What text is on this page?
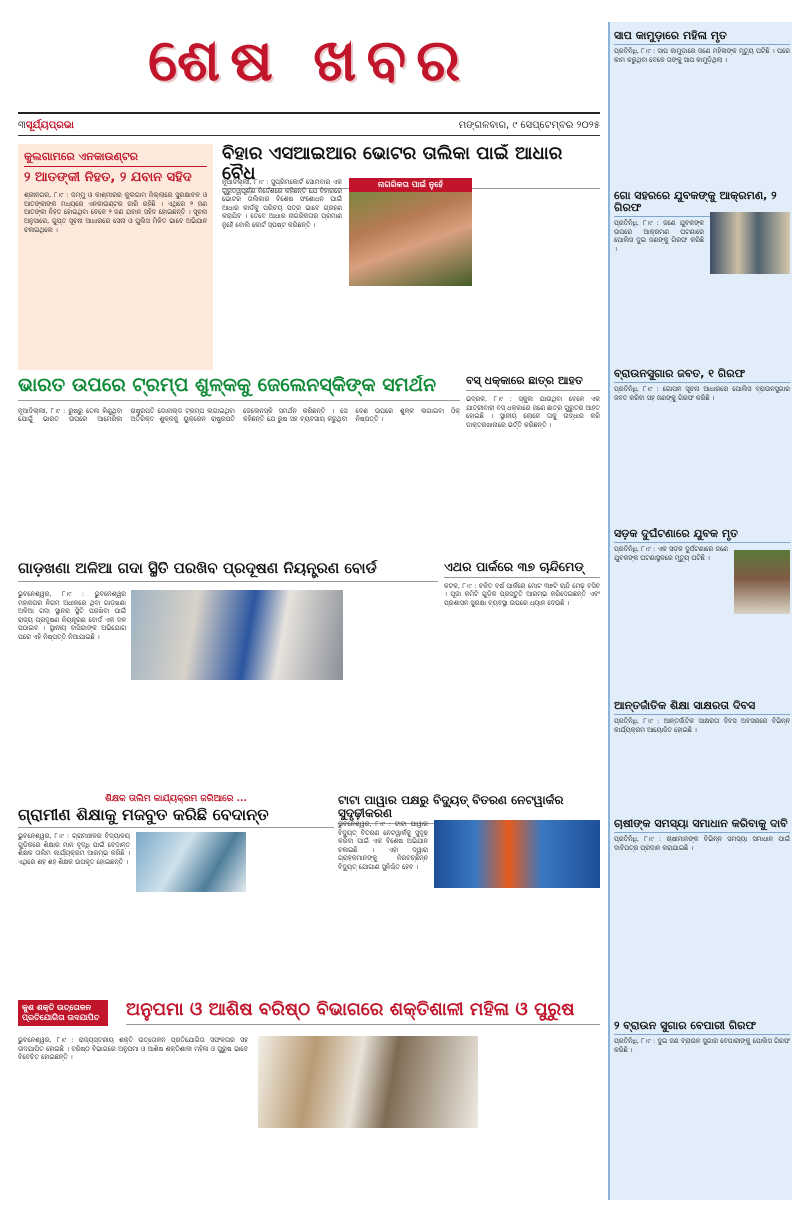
ଶେଷ ଖବର
୩ ସୂର୍ଯ୍ୟପ୍ରଭା	ମଙ୍ଗଳବାର, ୯ ସେପ୍ଟେମ୍ବର ୨୦୨୫
କୁଲଗାମରେ ଏନକାଉଣ୍ଟର
୨ ଆତଙ୍କୀ ନିହତ, ୨ ଯବାନ ସହିଦ
ଶ୍ରୀନଗର, ୮।୯ : ଜମ୍ମୁ ଓ କାଶ୍ମୀରର କୁଲଗାମ ଜିଲ୍ଲାରେ ସୁରକ୍ଷାବଳ ଓ ଆତଙ୍କୀଙ୍କ ମଧ୍ୟରେ ଏନକାଉଣ୍ଟର ଜାରି ରହିଛି । ଏଥିରେ ୨ ଜଣ ଆତଙ୍କୀ ନିହତ ହୋଇଥିବା ବେଳେ ୨ ଜଣ ଯବାନ ସହିଦ ହୋଇଛନ୍ତି । ସୂଚନା ଅନୁସାରେ, ଗୁପ୍ତ ସୂଚନା ଆଧାରରେ ସେନା ଓ ପୁଲିସ ମିଳିତ ଭାବେ ଅଭିଯାନ ଚଳାଇଥିଲେ ।
ବିହାର ଏସଆଇଆର ଭୋଟର ତାଲିକା ପାଇଁ ଆଧାର ବୈଧ
ନୂଆଦିଲ୍ଲୀ, ୮।୯ : ସୁପ୍ରିମକୋର୍ଟ ସୋମବାର ଏକ ଗୁରୁତ୍ୱପୂର୍ଣ୍ଣ ନିର୍ଦ୍ଦେଶରେ କହିଛନ୍ତି ଯେ ବିହାରରେ ଭୋଟର ତାଲିକାର ବିଶେଷ ସଂଶୋଧନ ପାଇଁ ଆଧାର କାର୍ଡକୁ ପରିଚୟ ପତ୍ର ଭାବେ ଗ୍ରହଣ କରାଯିବ । ତେବେ ଆଧାର ନାଗରିକତାର ପ୍ରମାଣ ନୁହେଁ ବୋଲି କୋର୍ଟ ସ୍ପଷ୍ଟ କରିଛନ୍ତି ।
ନାଗରିକତା ପାଇଁ ନୁହେଁ
ଭାରତ ଉପରେ ଟ୍ରମ୍ପ ଶୁଳ୍କକୁ ଜେଲେନସ୍କିଙ୍କ ସମର୍ଥନ
ନୂଆଦିଲ୍ଲୀ, ୮।୯ : ରୁଷରୁ ତେଲ କିଣୁଥିବା ଯୋଗୁଁ ଭାରତ ଉପରେ ଆମେରିକା ରାଷ୍ଟ୍ରପତି ଡୋନାଲ୍ଡ ଟ୍ରମ୍ପ ଲଗାଇଥିବା ଅତିରିକ୍ତ ଶୁଳ୍କକୁ ୟୁକ୍ରେନ ରାଷ୍ଟ୍ରପତି ଜେଲେନସ୍କି ସମର୍ଥନ କରିଛନ୍ତି । ସେ କହିଛନ୍ତି ଯେ ରୁଷ ସହ ବ୍ୟବସାୟ କରୁଥିବା ଦେଶ ଉପରେ ଶୁଳ୍କ ଲଗାଇବା ଠିକ୍ ନିଷ୍ପତ୍ତି ।
ବସ୍ ଧକ୍କାରେ ଛାତ୍ର ଆହତ
ଭଦ୍ରକ, ୮।୯ : ସ୍କୁଲ ଯାଉଥିବା ବେଳେ ଏକ ଯାତ୍ରୀବାହୀ ବସ୍ ଧକ୍କାରେ ଜଣେ ଛାତ୍ର ଗୁରୁତର ଆହତ ହୋଇଛି । ସ୍ଥାନୀୟ ଲୋକେ ତାକୁ ଉଦ୍ଧାର କରି ଡାକ୍ତରଖାନାରେ ଭର୍ତ୍ତି କରିଛନ୍ତି ।
ଗାଡ଼ଖଣା ଅଳିଆ ଗଦା ସ୍ଥିତି ପରଖିବ ପ୍ରଦୂଷଣ ନିୟନ୍ତ୍ରଣ ବୋର୍ଡ
ଭୁବନେଶ୍ୱର, ୮।୯ : ଭୁବନେଶ୍ୱର ମହାନଗର ନିଗମ ଅଧୀନରେ ଥିବା ଗାଡ଼ଖଣା ଅଳିଆ ଗଦା ସ୍ଥାନର ସ୍ଥିତି ପରଖିବା ପାଇଁ ରାଜ୍ୟ ପ୍ରଦୂଷଣ ନିୟନ୍ତ୍ରଣ ବୋର୍ଡ ଏକ ଦଳ ପଠାଇବ । ସ୍ଥାନୀୟ ବାସିନ୍ଦାଙ୍କ ଅଭିଯୋଗ ପରେ ଏହି ନିଷ୍ପତ୍ତି ନିଆଯାଇଛି ।
ଏଥର ପାର୍କରେ ୩୭ ଚାନ୍ଦିମେଡ୍
କଟକ, ୮।୯ : ଚଳିତ ବର୍ଷ ପାର୍କରେ ମୋଟ ୩୭ଟି ଚାନ୍ଦି ମେଢ଼ ବସିବ । ପୂଜା କମିଟି ଗୁଡ଼ିକ ପ୍ରସ୍ତୁତି ଆରମ୍ଭ କରିଦେଇଛନ୍ତି ଏବଂ ପ୍ରଶାସନ ସୁରକ୍ଷା ବ୍ୟବସ୍ଥା ଉପରେ ଧ୍ୟାନ ଦେଉଛି ।
ଶିକ୍ଷକ ତାଲିମ କାର୍ଯ୍ୟକ୍ରମ ଜରିଆରେ ...
ଗ୍ରାମୀଣ ଶିକ୍ଷାକୁ ମଜବୁତ କରିଛି ବେଦାନ୍ତ
ଭୁବନେଶ୍ୱର, ୮।୯ : ଗ୍ରାମାଞ୍ଚଳର ବିଦ୍ୟାଳୟ ଗୁଡ଼ିକରେ ଶିକ୍ଷାର ମାନ ବୃଦ୍ଧି ପାଇଁ ବେଦାନ୍ତ ଶିକ୍ଷକ ତାଲିମ କାର୍ଯ୍ୟକ୍ରମ ଆରମ୍ଭ କରିଛି । ଏଥିରେ ଶହ ଶହ ଶିକ୍ଷକ ଉପକୃତ ହୋଇଛନ୍ତି ।
ଟାଟା ପାୱାର ପକ୍ଷରୁ ବିଦ୍ୟୁତ୍ ବିତରଣ ନେଟୱାର୍କର ସୁଦୃଢ଼ୀକରଣ
ଭୁବନେଶ୍ୱର, ୮।୯ : ଟାଟା ପାୱାର ବିଦ୍ୟୁତ୍ ବିତରଣ ନେଟୱାର୍କକୁ ସୁଦୃଢ଼ କରିବା ପାଇଁ ଏକ ବିଶେଷ ଅଭିଯାନ ଚଳାଇଛି । ଏହା ଦ୍ୱାରା ଗ୍ରାହକମାନଙ୍କୁ ନିରବଚ୍ଛିନ୍ନ ବିଦ୍ୟୁତ୍ ଯୋଗାଣ ସୁନିଶ୍ଚିତ ହେବ ।
କୁଶ ଶକ୍ତି ଉତ୍ତୋଳନ ପ୍ରତିଯୋଗିତା ଉଦଯାପିତ	ଅନୁପମା ଓ ଆଶିଷ ବରିଷ୍ଠ ବିଭାଗରେ ଶକ୍ତିଶାଳୀ ମହିଳା ଓ ପୁରୁଷ
ଭୁବନେଶ୍ୱର, ୮।୯ : ରାଜ୍ୟସ୍ତରୀୟ ଶକ୍ତି ଉତ୍ତୋଳନ ପ୍ରତିଯୋଗିତା ସଫଳତାର ସହ ଉଦଯାପିତ ହୋଇଛି । ବରିଷ୍ଠ ବିଭାଗରେ ଅନୁପମା ଓ ଆଶିଷ ଶକ୍ତିଶାଳୀ ମହିଳା ଓ ପୁରୁଷ ଭାବେ ବିବେଚିତ ହୋଇଛନ୍ତି ।
ସାପ କାମୁଡ଼ାରେ ମହିଳା ମୃତ
ପ୍ରତିନିଧି, ୮।୯ : ସାପ କାମୁଡ଼ାରେ ଜଣେ ମହିଳାଙ୍କ ମୃତ୍ୟୁ ଘଟିଛି । ଘରେ କାମ କରୁଥିବା ବେଳେ ତାଙ୍କୁ ସାପ କାମୁଡ଼ିଥିଲା ।
ଗୋ ସହରରେ ଯୁବକଙ୍କୁ ଆକ୍ରମଣ, ୨ ଗିରଫ
ପ୍ରତିନିଧି, ୮।୯ : ଜଣେ ଯୁବକଙ୍କ ଉପରେ ଆକ୍ରମଣ ଘଟଣାରେ ପୋଲିସ ଦୁଇ ଜଣଙ୍କୁ ଗିରଫ କରିଛି ।
ବ୍ରାଉନସୁଗାର ଜବତ, ୧ ଗିରଫ
ପ୍ରତିନିଧି, ୮।୯ : ଗୋପନ ସୂଚନା ଆଧାରରେ ପୋଲିସ ବ୍ରାଉନସୁଗାର ଜବତ କରିବା ସହ ଜଣଙ୍କୁ ଗିରଫ କରିଛି ।
ସଡ଼କ ଦୁର୍ଘଟଣାରେ ଯୁବକ ମୃତ
ପ୍ରତିନିଧି, ୮।୯ : ଏକ ସଡ଼କ ଦୁର୍ଘଟଣାରେ ଜଣେ ଯୁବକଙ୍କ ଘଟଣାସ୍ଥଳରେ ମୃତ୍ୟୁ ଘଟିଛି ।
ଆନ୍ତର୍ଜାତିକ ଶିକ୍ଷା ସାକ୍ଷରତା ଦିବସ
ପ୍ରତିନିଧି, ୮।୯ : ଆନ୍ତର୍ଜାତିକ ସାକ୍ଷରତା ଦିବସ ଅବସରରେ ବିଭିନ୍ନ କାର୍ଯ୍ୟକ୍ରମ ଆୟୋଜିତ ହୋଇଛି ।
ଚାଷୀଙ୍କ ସମସ୍ୟା ସମାଧାନ କରିବାକୁ ଦାବି
ପ୍ରତିନିଧି, ୮।୯ : ଚାଷୀମାନଙ୍କ ବିଭିନ୍ନ ସମସ୍ୟା ସମାଧାନ ପାଇଁ ଦାବିପତ୍ର ପ୍ରଦାନ କରାଯାଇଛି ।
୨ ବ୍ରାଉନ ସୁଗାର ବେପାରୀ ଗିରଫ
ପ୍ରତିନିଧି, ୮।୯ : ଦୁଇ ଜଣ ବ୍ରାଉନ ସୁଗାର ବେପାରୀଙ୍କୁ ପୋଲିସ ଗିରଫ କରିଛି ।
